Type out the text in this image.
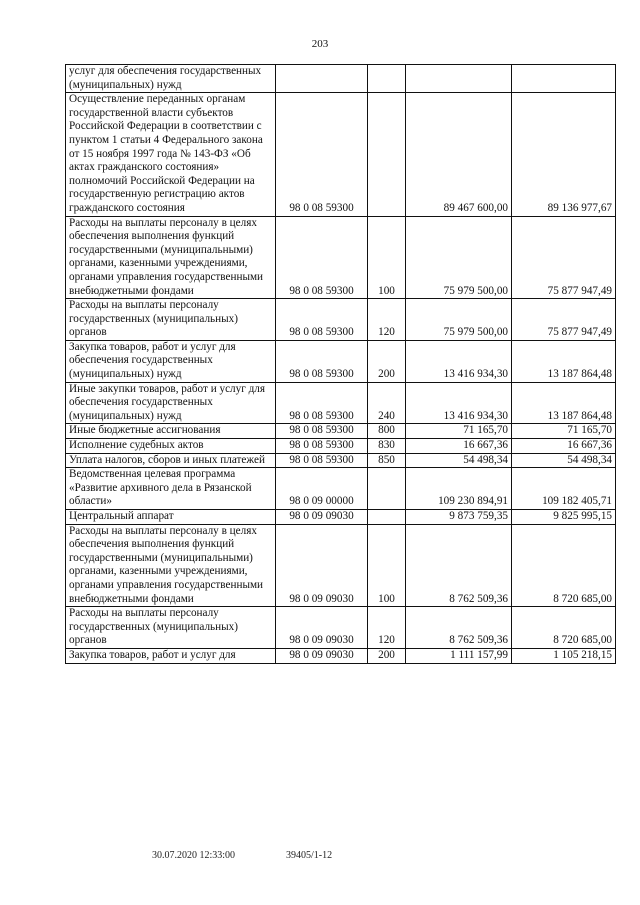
203
услуг для обеспечения государственных (муниципальных) нужд				
Осуществление переданных органам государственной власти субъектов Российской Федерации в соответствии с пунктом 1 статьи 4 Федерального закона от 15 ноября 1997 года № 143-ФЗ «Об актах гражданского состояния» полномочий Российской Федерации на государственную регистрацию актов гражданского состояния	98 0 08 59300		89 467 600,00	89 136 977,67
Расходы на выплаты персоналу в целях обеспечения выполнения функций государственными (муниципальными) органами, казенными учреждениями, органами управления государственными внебюджетными фондами	98 0 08 59300	100	75 979 500,00	75 877 947,49
Расходы на выплаты персоналу государственных (муниципальных) органов	98 0 08 59300	120	75 979 500,00	75 877 947,49
Закупка товаров, работ и услуг для обеспечения государственных (муниципальных) нужд	98 0 08 59300	200	13 416 934,30	13 187 864,48
Иные закупки товаров, работ и услуг для обеспечения государственных (муниципальных) нужд	98 0 08 59300	240	13 416 934,30	13 187 864,48
Иные бюджетные ассигнования	98 0 08 59300	800	71 165,70	71 165,70
Исполнение судебных актов	98 0 08 59300	830	16 667,36	16 667,36
Уплата налогов, сборов и иных платежей	98 0 08 59300	850	54 498,34	54 498,34
Ведомственная целевая программа «Развитие архивного дела в Рязанской области»	98 0 09 00000		109 230 894,91	109 182 405,71
Центральный аппарат	98 0 09 09030		9 873 759,35	9 825 995,15
Расходы на выплаты персоналу в целях обеспечения выполнения функций государственными (муниципальными) органами, казенными учреждениями, органами управления государственными внебюджетными фондами	98 0 09 09030	100	8 762 509,36	8 720 685,00
Расходы на выплаты персоналу государственных (муниципальных) органов	98 0 09 09030	120	8 762 509,36	8 720 685,00
Закупка товаров, работ и услуг для	98 0 09 09030	200	1 111 157,99	1 105 218,15
30.07.2020 12:33:00	39405/1-12
